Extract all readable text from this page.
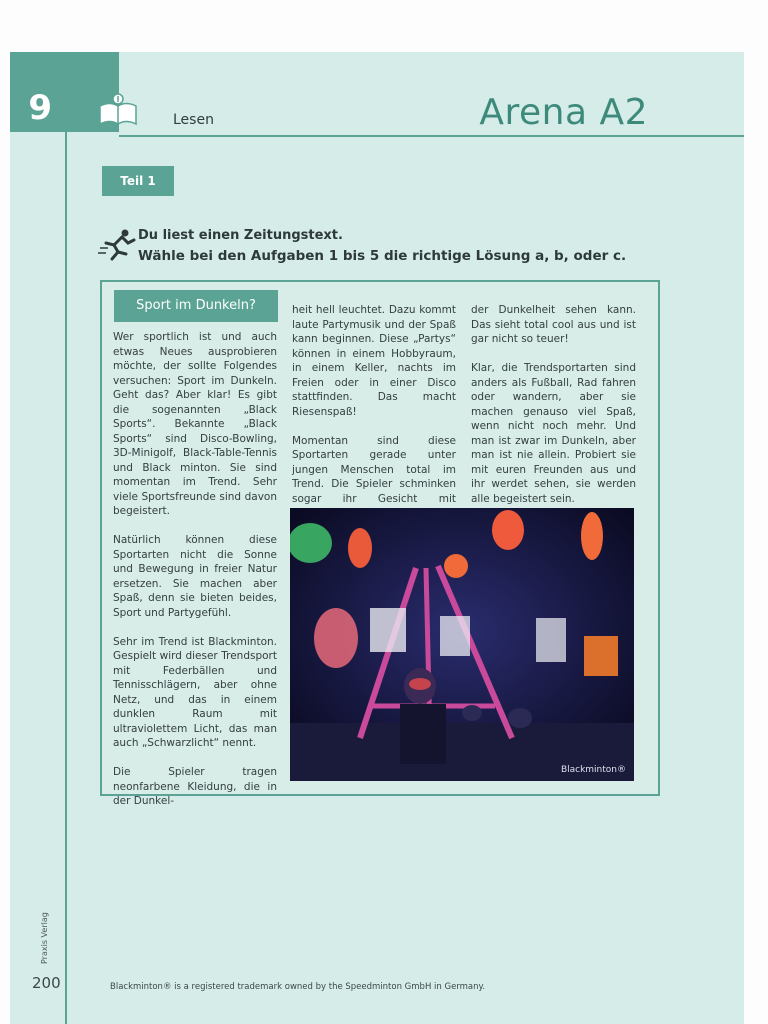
9	Lesen	Arena A2
Teil 1
Du liest einen Zeitungstext.
Wähle bei den Aufgaben 1 bis 5 die richtige Lösung a, b, oder c.
Sport im Dunkeln?

Wer sportlich ist und auch etwas Neues ausprobieren möchte, der sollte Folgendes versuchen: Sport im Dunkeln. Geht das? Aber klar! Es gibt die sogenannten „Black Sports“. Bekannte „Black Sports“ sind Disco-Bowling, 3D-Minigolf, Black-Table-Tennis und Black minton. Sie sind momentan im Trend. Sehr viele Sportsfreunde sind davon begeistert.

Natürlich können diese Sportarten nicht die Sonne und Bewegung in freier Natur ersetzen. Sie machen aber Spaß, denn sie bieten beides, Sport und Partygefühl.

Sehr im Trend ist Blackminton. Gespielt wird dieser Trendsport mit Federbällen und Tennisschlägern, aber ohne Netz, und das in einem dunklen Raum mit ultraviolettem Licht, das man auch „Schwarzlicht“ nennt.

Die Spieler tragen neonfarbene Kleidung, die in der Dunkel-

heit hell leuchtet. Dazu kommt laute Partymusik und der Spaß kann beginnen. Diese „Partys“ können in einem Hobbyraum, in einem Keller, nachts im Freien oder in einer Disco stattfinden. Das macht Riesenspaß!

Momentan sind diese Sportarten gerade unter jungen Menschen total im Trend. Die Spieler schminken sogar ihr Gesicht mit

der Dunkelheit sehen kann. Das sieht total cool aus und ist gar nicht so teuer!

Klar, die Trendsportarten sind anders als Fußball, Rad fahren oder wandern, aber sie machen genauso viel Spaß, wenn nicht noch mehr. Und man ist zwar im Dunkeln, aber man ist nie allein. Probiert sie mit euren Freunden aus und ihr werdet sehen, sie werden alle begeistert sein.

Blackminton®
Praxis Verlag
200	Blackminton® is a registered trademark owned by the Speedminton GmbH in Germany.
